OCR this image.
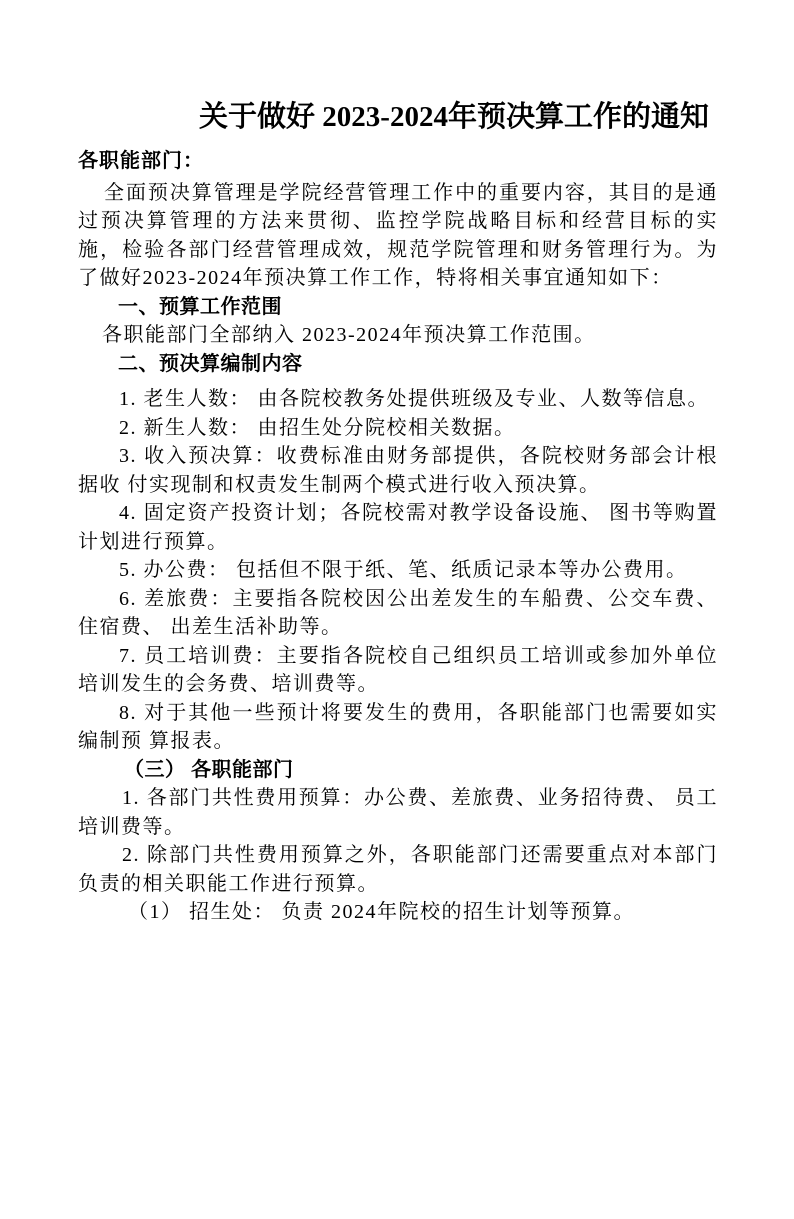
关于做好 2023-2024年预决算工作的通知

各职能部门：

全面预决算管理是学院经营管理工作中的重要内容，其目的是通过预决算管理的方法来贯彻、监控学院战略目标和经营目标的实施，检验各部门经营管理成效，规范学院管理和财务管理行为。为了做好2023-2024年预决算工作工作，特将相关事宜通知如下：

一、预算工作范围

各职能部门全部纳入 2023-2024年预决算工作范围。

二、预决算编制内容

1. 老生人数： 由各院校教务处提供班级及专业、人数等信息。

2. 新生人数： 由招生处分院校相关数据。

3. 收入预决算：收费标准由财务部提供，各院校财务部会计根据收 付实现制和权责发生制两个模式进行收入预决算。

4. 固定资产投资计划；各院校需对教学设备设施、 图书等购置计划进行预算。

5. 办公费： 包括但不限于纸、笔、纸质记录本等办公费用。

6. 差旅费：主要指各院校因公出差发生的车船费、公交车费、住宿费、 出差生活补助等。

7. 员工培训费：主要指各院校自己组织员工培训或参加外单位培训发生的会务费、培训费等。

8. 对于其他一些预计将要发生的费用，各职能部门也需要如实编制预 算报表。

（三） 各职能部门

1. 各部门共性费用预算：办公费、差旅费、业务招待费、 员工培训费等。

2. 除部门共性费用预算之外，各职能部门还需要重点对本部门 负责的相关职能工作进行预算。

（1） 招生处： 负责 2024年院校的招生计划等预算。
